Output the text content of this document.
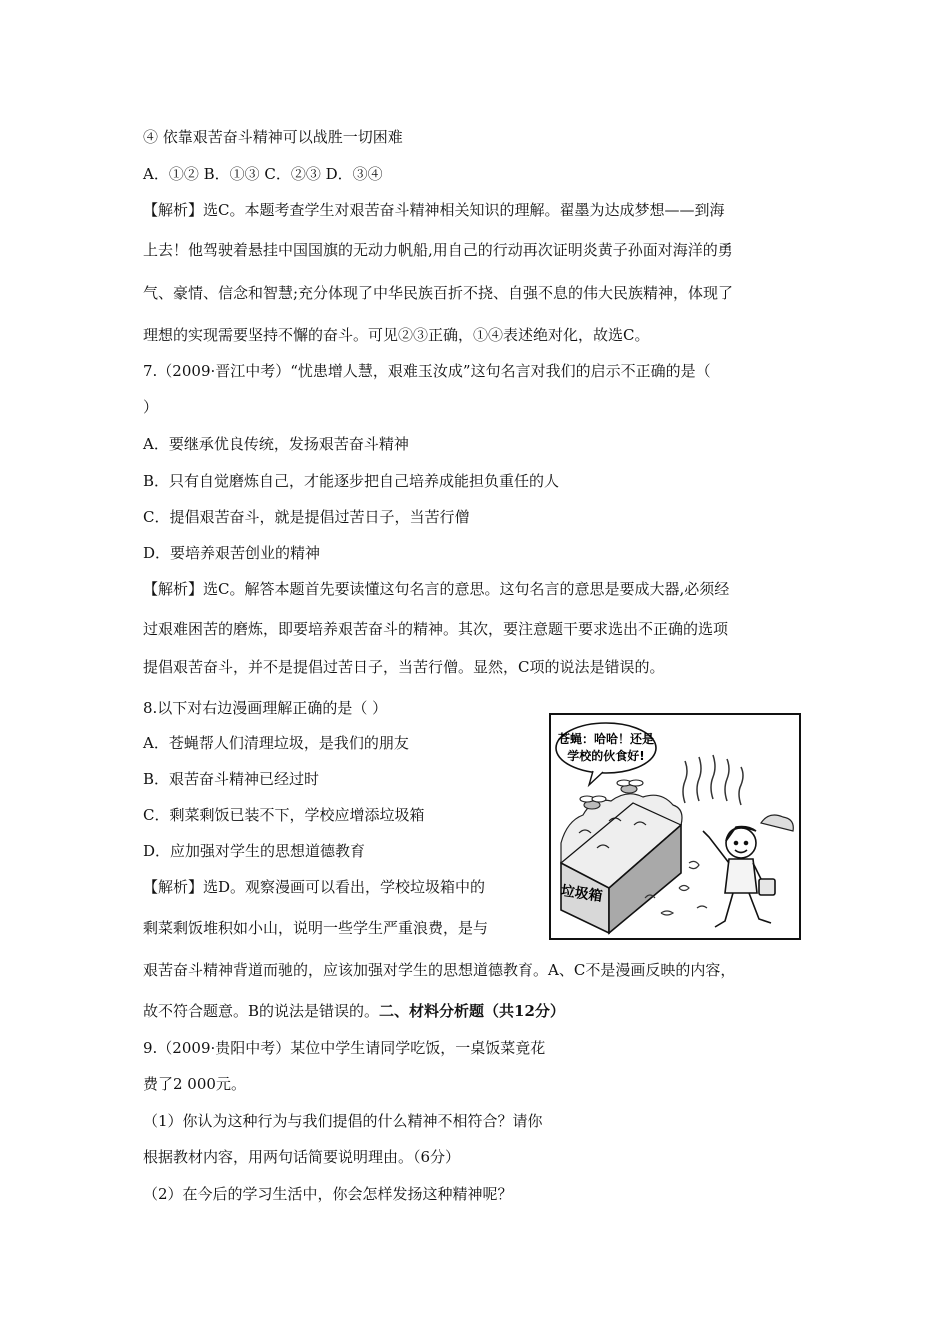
④ 依靠艰苦奋斗精神可以战胜一切困难
A．①② B．①③ C．②③ D．③④
【解析】选C。本题考查学生对艰苦奋斗精神相关知识的理解。翟墨为达成梦想——到海
上去！他驾驶着悬挂中国国旗的无动力帆船,用自己的行动再次证明炎黄子孙面对海洋的勇
气、豪情、信念和智慧;充分体现了中华民族百折不挠、自强不息的伟大民族精神，体现了
理想的实现需要坚持不懈的奋斗。可见②③正确，①④表述绝对化，故选C。
7.（2009·晋江中考）“忧患增人慧，艰难玉汝成”这句名言对我们的启示不正确的是（
）
A．要继承优良传统，发扬艰苦奋斗精神
B．只有自觉磨炼自己，才能逐步把自己培养成能担负重任的人
C．提倡艰苦奋斗，就是提倡过苦日子，当苦行僧
D．要培养艰苦创业的精神
【解析】选C。解答本题首先要读懂这句名言的意思。这句名言的意思是要成大器,必须经
过艰难困苦的磨炼，即要培养艰苦奋斗的精神。其次，要注意题干要求选出不正确的选项
提倡艰苦奋斗，并不是提倡过苦日子，当苦行僧。显然，C项的说法是错误的。
8.以下对右边漫画理解正确的是（ ）
A．苍蝇帮人们清理垃圾，是我们的朋友
B．艰苦奋斗精神已经过时
C．剩菜剩饭已装不下，学校应增添垃圾箱
D．应加强对学生的思想道德教育
【解析】选D。观察漫画可以看出，学校垃圾箱中的
剩菜剩饭堆积如小山，说明一些学生严重浪费，是与
艰苦奋斗精神背道而驰的，应该加强对学生的思想道德教育。A、C不是漫画反映的内容，
故不符合题意。B的说法是错误的。二、材料分析题（共12分）
9.（2009·贵阳中考）某位中学生请同学吃饭，一桌饭菜竟花
费了2 000元。
（1）你认为这种行为与我们提倡的什么精神不相符合？请你
根据教材内容，用两句话简要说明理由。（6分）
（2）在今后的学习生活中，你会怎样发扬这种精神呢？
苍蝇：哈哈！还是
学校的伙食好!
垃圾箱
